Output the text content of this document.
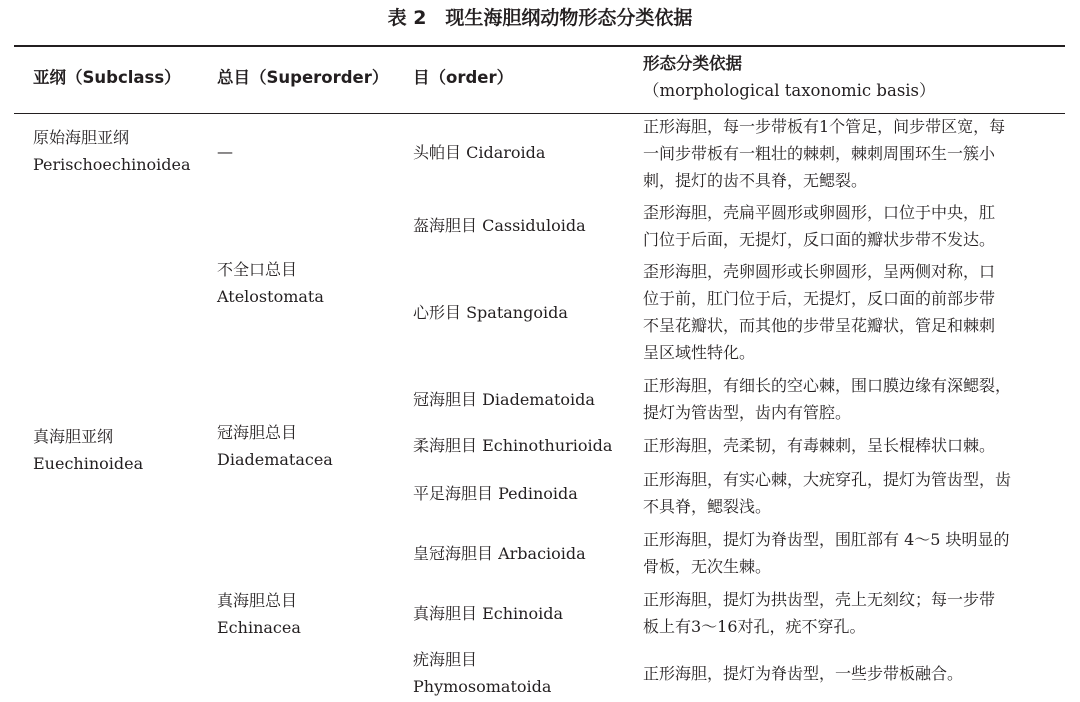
表 2　现生海胆纲动物形态分类依据
亚纲（Subclass） 总目（Superorder） 目（order）
形态分类依据
（morphological taxonomic basis）
原始海胆亚纲
Perischoechinoidea
真海胆亚纲
Euechinoidea
—
不全口总目
Atelostomata
冠海胆总目
Diadematacea
真海胆总目
Echinacea
头帕目 Cidaroida
盔海胆目 Cassiduloida
心形目 Spatangoida
冠海胆目 Diadematoida
柔海胆目 Echinothurioida
平足海胆目 Pedinoida
皇冠海胆目 Arbacioida
真海胆目 Echinoida
疣海胆目
Phymosomatoida
正形海胆，每一步带板有1个管足，间步带区宽，每
一间步带板有一粗壮的棘刺，棘刺周围环生一簇小
刺，提灯的齿不具脊，无鳃裂。
歪形海胆，壳扁平圆形或卵圆形，口位于中央，肛
门位于后面，无提灯，反口面的瓣状步带不发达。
歪形海胆，壳卵圆形或长卵圆形，呈两侧对称，口
位于前，肛门位于后，无提灯，反口面的前部步带
不呈花瓣状，而其他的步带呈花瓣状，管足和棘刺
呈区域性特化。
正形海胆，有细长的空心棘，围口膜边缘有深鳃裂，
提灯为管齿型，齿内有管腔。
正形海胆，壳柔韧，有毒棘刺，呈长棍棒状口棘。
正形海胆，有实心棘，大疣穿孔，提灯为管齿型，齿
不具脊，鳃裂浅。
正形海胆，提灯为脊齿型，围肛部有 4～5 块明显的
骨板，无次生棘。
正形海胆，提灯为拱齿型，壳上无刻纹；每一步带
板上有3～16对孔，疣不穿孔。
正形海胆，提灯为脊齿型，一些步带板融合。
